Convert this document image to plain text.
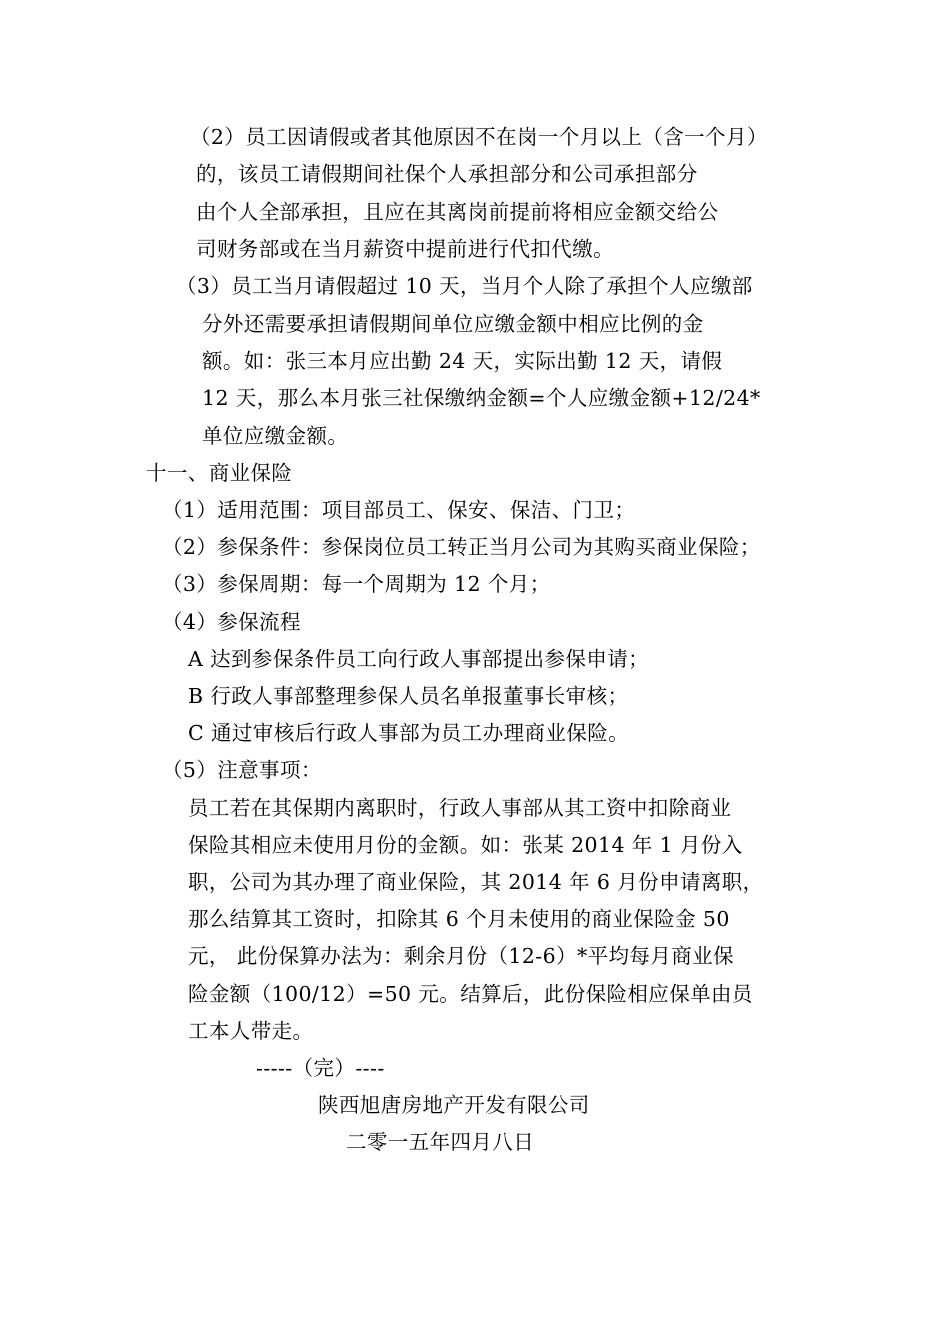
（2）员工因请假或者其他原因不在岗一个月以上（含一个月）
的，该员工请假期间社保个人承担部分和公司承担部分
由个人全部承担，且应在其离岗前提前将相应金额交给公
司财务部或在当月薪资中提前进行代扣代缴。
（3）员工当月请假超过 10 天，当月个人除了承担个人应缴部
分外还需要承担请假期间单位应缴金额中相应比例的金
额。如：张三本月应出勤 24 天，实际出勤 12 天，请假
12 天，那么本月张三社保缴纳金额=个人应缴金额+12/24*
单位应缴金额。
十一、商业保险
（1）适用范围：项目部员工、保安、保洁、门卫；
（2）参保条件：参保岗位员工转正当月公司为其购买商业保险；
（3）参保周期：每一个周期为 12 个月；
（4）参保流程
A 达到参保条件员工向行政人事部提出参保申请；
B 行政人事部整理参保人员名单报董事长审核；
C 通过审核后行政人事部为员工办理商业保险。
（5）注意事项：
员工若在其保期内离职时，行政人事部从其工资中扣除商业
保险其相应未使用月份的金额。如：张某 2014 年 1 月份入
职，公司为其办理了商业保险，其 2014 年 6 月份申请离职，
那么结算其工资时，扣除其 6 个月未使用的商业保险金 50
元， 此份保算办法为：剩余月份（12-6）*平均每月商业保
险金额（100/12）=50 元。结算后，此份保险相应保单由员
工本人带走。
-----（完）----
陕西旭唐房地产开发有限公司
二零一五年四月八日
